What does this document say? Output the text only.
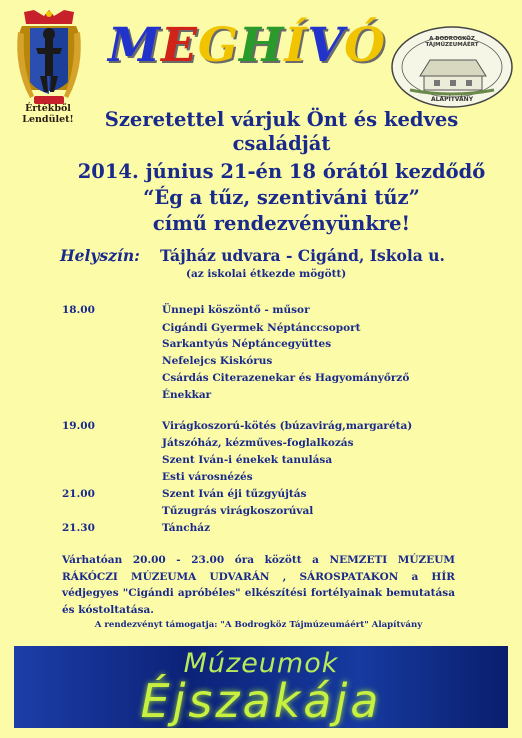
Értékből Lendület!
MEGHÍVÓ	A BODROGKÖZ TÁJMÚZEUMÁÉRT
ALAPÍTVÁNY
Szeretettel várjuk Önt és kedves
családját
2014. június 21-én 18 órától kezdődő
“Ég a tűz, szentiváni tűz”
című rendezvényünkre!
Helyszín: Tájház udvara - Cigánd, Iskola u.
(az iskolai étkezde mögött)
18.00	Ünnepi köszöntő - műsor
Cigándi Gyermek Néptánccsoport
Sarkantyús Néptáncegyüttes
Nefelejcs Kiskórus
Csárdás Citerazenekar és Hagyományőrző
Énekkar
19.00	Virágkoszorú-kötés (búzavirág,margaréta)
Játszóház, kézműves-foglalkozás
Szent Iván-i énekek tanulása
Esti városnézés
21.00	Szent Iván éji tűzgyújtás
Tűzugrás virágkoszorúval
21.30	Táncház
Várhatóan 20.00 - 23.00 óra között a NEMZETI MÚZEUM RÁKÓCZI MÚZEUMA UDVARÁN , SÁROSPATAKON a HÍR védjegyes "Cigándi apróbéles" elkészítési fortélyainak bemutatása és kóstoltatása.
A rendezvényt támogatja: "A Bodrogköz Tájmúzeumáért" Alapítvány
Múzeumok
Éjszakája
